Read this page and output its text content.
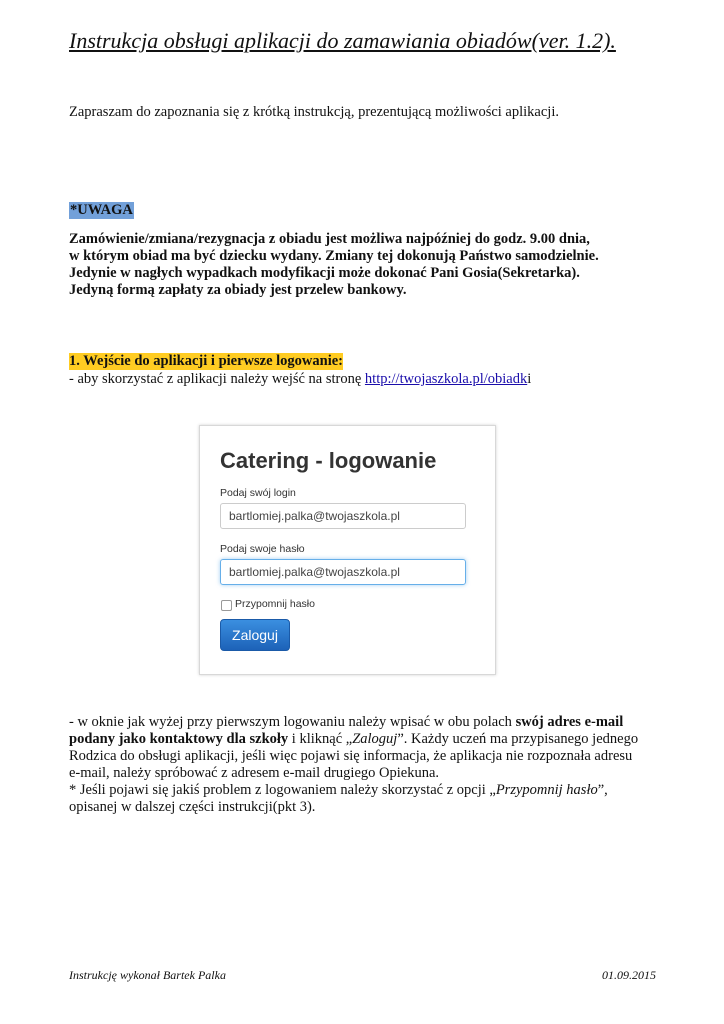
Instrukcja obsługi aplikacji do zamawiania obiadów(ver. 1.2).
Zapraszam do zapoznania się z krótką instrukcją, prezentującą możliwości aplikacji.
*UWAGA
Zamówienie/zmiana/rezygnacja z obiadu jest możliwa najpóźniej do godz. 9.00 dnia,
w którym obiad ma być dziecku wydany. Zmiany tej dokonują Państwo samodzielnie.
Jedynie w nagłych wypadkach modyfikacji może dokonać Pani Gosia(Sekretarka).
Jedyną formą zapłaty za obiady jest przelew bankowy.
1. Wejście do aplikacji i pierwsze logowanie:
- aby skorzystać z aplikacji należy wejść na stronę http://twojaszkola.pl/obiadki
Catering - logowanie
Podaj swój login
bartlomiej.palka@twojaszkola.pl
Podaj swoje hasło
bartlomiej.palka@twojaszkola.pl
Przypomnij hasło
Zaloguj
- w oknie jak wyżej przy pierwszym logowaniu należy wpisać w obu polach swój adres e-mail
podany jako kontaktowy dla szkoły i kliknąć „Zaloguj”. Każdy uczeń ma przypisanego jednego
Rodzica do obsługi aplikacji, jeśli więc pojawi się informacja, że aplikacja nie rozpoznała adresu
e-mail, należy spróbować z adresem e-mail drugiego Opiekuna.
* Jeśli pojawi się jakiś problem z logowaniem należy skorzystać z opcji „Przypomnij hasło”,
opisanej w dalszej części instrukcji(pkt 3).
Instrukcję wykonał Bartek Palka	01.09.2015
